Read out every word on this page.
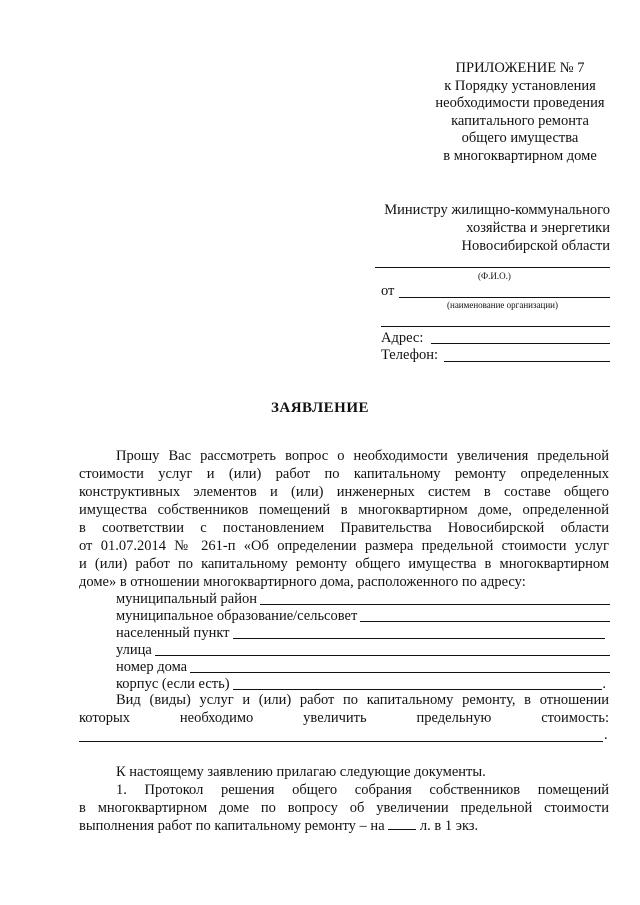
ПРИЛОЖЕНИЕ № 7
к Порядку установления
необходимости проведения
капитального ремонта
общего имущества
в многоквартирном доме
Министру жилищно-коммунального
хозяйства и энергетики
Новосибирской области
(Ф.И.О.)
от
(наименование организации)
Адрес:
Телефон:
ЗАЯВЛЕНИЕ
Прошу Вас рассмотреть вопрос о необходимости увеличения предельной
стоимости услуг и (или) работ по капитальному ремонту определенных
конструктивных элементов и (или) инженерных систем в составе общего
имущества собственников помещений в многоквартирном доме, определенной
в соответствии с постановлением Правительства Новосибирской области
от 01.07.2014 № 261-п «Об определении размера предельной стоимости услуг
и (или) работ по капитальному ремонту общего имущества в многоквартирном
доме» в отношении многоквартирного дома, расположенного по адресу:
муниципальный район
муниципальное образование/сельсовет
населенный пункт
улица
номер дома
корпус (если есть)	.
Вид (виды) услуг и (или) работ по капитальному ремонту, в отношении
которых необходимо увеличить предельную стоимость:
.
К настоящему заявлению прилагаю следующие документы.
1. Протокол решения общего собрания собственников помещений
в многоквартирном доме по вопросу об увеличении предельной стоимости
выполнения работ по капитальному ремонту – на л. в 1 экз.
